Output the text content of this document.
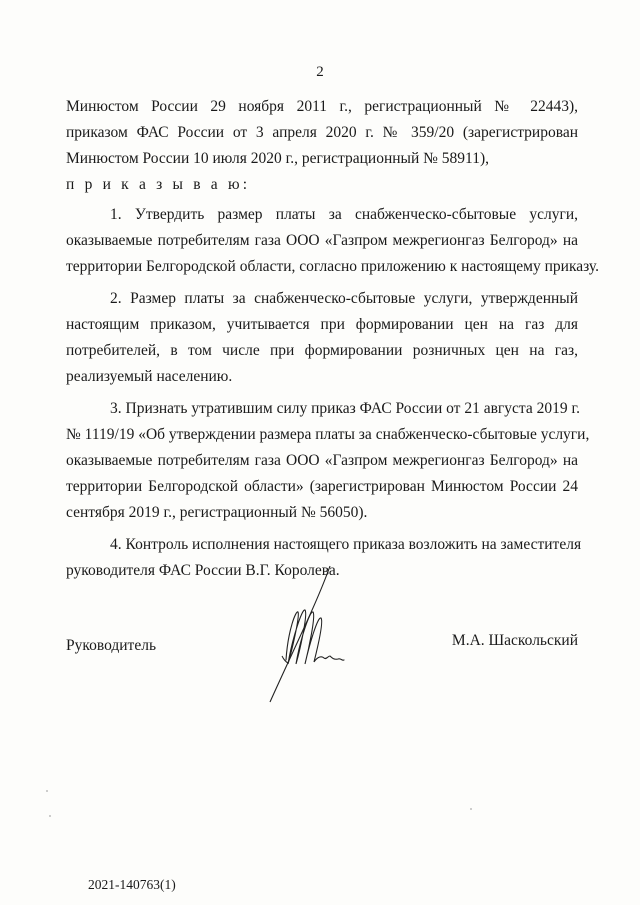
2
Минюстом России 29 ноября 2011 г., регистрационный № 22443),
приказом ФАС России от 3 апреля 2020 г. № 359/20 (зарегистрирован
Минюстом России 10 июля 2020 г., регистрационный № 58911),
п р и к а з ы в а ю:
1. Утвердить размер платы за снабженческо-сбытовые услуги,
оказываемые потребителям газа ООО «Газпром межрегионгаз Белгород» на
территории Белгородской области, согласно приложению к настоящему приказу.
2. Размер платы за снабженческо-сбытовые услуги, утвержденный
настоящим приказом, учитывается при формировании цен на газ для
потребителей, в том числе при формировании розничных цен на газ,
реализуемый населению.
3. Признать утратившим силу приказ ФАС России от 21 августа 2019 г.
№ 1119/19 «Об утверждении размера платы за снабженческо-сбытовые услуги,
оказываемые потребителям газа ООО «Газпром межрегионгаз Белгород» на
территории Белгородской области» (зарегистрирован Минюстом России 24
сентября 2019 г., регистрационный № 56050).
4. Контроль исполнения настоящего приказа возложить на заместителя
руководителя ФАС России В.Г. Королева.
Руководитель	М.А. Шаскольский
2021-140763(1)
